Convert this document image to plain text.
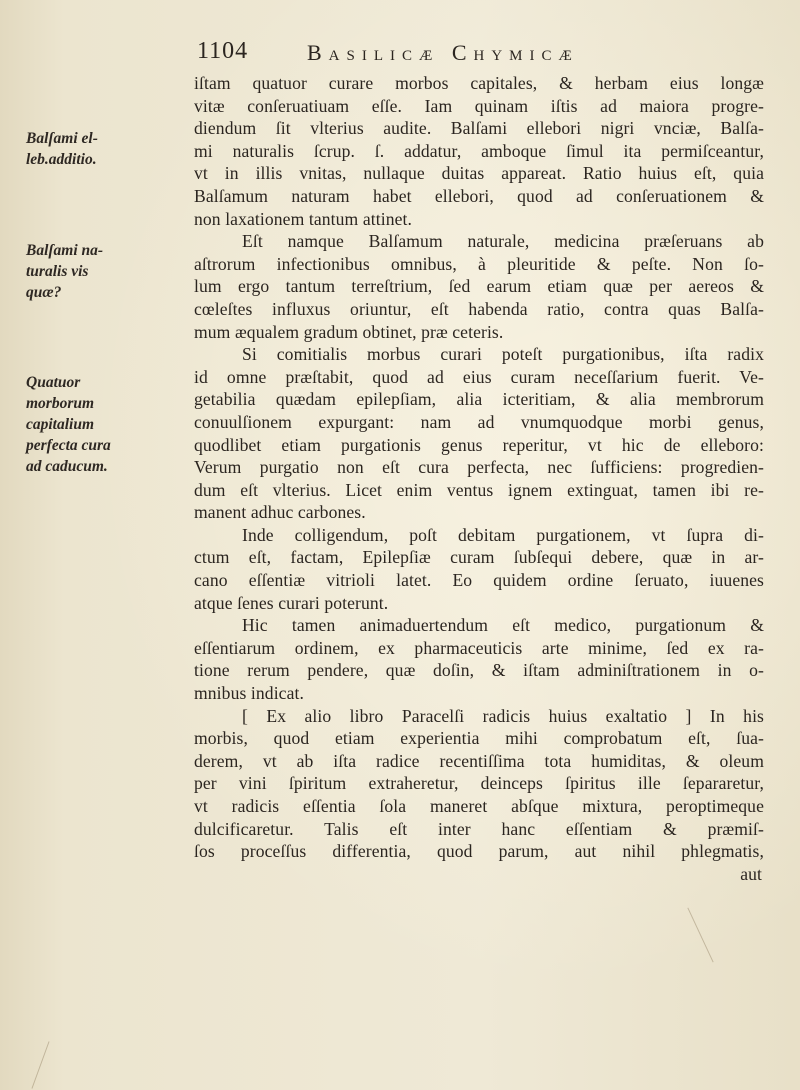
1104	Basilicæ Chymicæ
Balſami el-
leb.additio.
Balſami na-
turalis vis
quæ?
Quatuor
morborum
capitalium
perfecta cura
ad caducum.
iſtam quatuor curare morbos capitales, & herbam eius longæ
vitæ conſeruatiuam eſſe. Iam quinam iſtis ad maiora progre-
diendum ſit vlterius audite. Balſami ellebori nigri vnciæ, Balſa-
mi naturalis ſcrup. ſ. addatur, amboque ſimul ita permiſceantur,
vt in illis vnitas, nullaque duitas appareat. Ratio huius eſt, quia
Balſamum naturam habet ellebori, quod ad conſeruationem &
non laxationem tantum attinet.
Eſt namque Balſamum naturale, medicina præſeruans ab
aſtrorum infectionibus omnibus, à pleuritide & peſte. Non ſo-
lum ergo tantum terreſtrium, ſed earum etiam quæ per aereos &
cœleſtes influxus oriuntur, eſt habenda ratio, contra quas Balſa-
mum æqualem gradum obtinet, præ ceteris.
Si comitialis morbus curari poteſt purgationibus, iſta radix
id omne præſtabit, quod ad eius curam neceſſarium fuerit. Ve-
getabilia quædam epilepſiam, alia icteritiam, & alia membrorum
conuulſionem expurgant: nam ad vnumquodque morbi genus,
quodlibet etiam purgationis genus reperitur, vt hic de elleboro:
Verum purgatio non eſt cura perfecta, nec ſufficiens: progredien-
dum eſt vlterius. Licet enim ventus ignem extinguat, tamen ibi re-
manent adhuc carbones.
Inde colligendum, poſt debitam purgationem, vt ſupra di-
ctum eſt, factam, Epilepſiæ curam ſubſequi debere, quæ in ar-
cano eſſentiæ vitrioli latet. Eo quidem ordine ſeruato, iuuenes
atque ſenes curari poterunt.
Hic tamen animaduertendum eſt medico, purgationum &
eſſentiarum ordinem, ex pharmaceuticis arte minime, ſed ex ra-
tione rerum pendere, quæ doſin, & iſtam adminiſtrationem in o-
mnibus indicat.
[ Ex alio libro Paracelſi radicis huius exaltatio ] In his
morbis, quod etiam experientia mihi comprobatum eſt, ſua-
derem, vt ab iſta radice recentiſſima tota humiditas, & oleum
per vini ſpiritum extraheretur, deinceps ſpiritus ille ſepararetur,
vt radicis eſſentia ſola maneret abſque mixtura, peroptimeque
dulcificaretur. Talis eſt inter hanc eſſentiam & præmiſ-
ſos proceſſus differentia, quod parum, aut nihil phlegmatis,
aut
